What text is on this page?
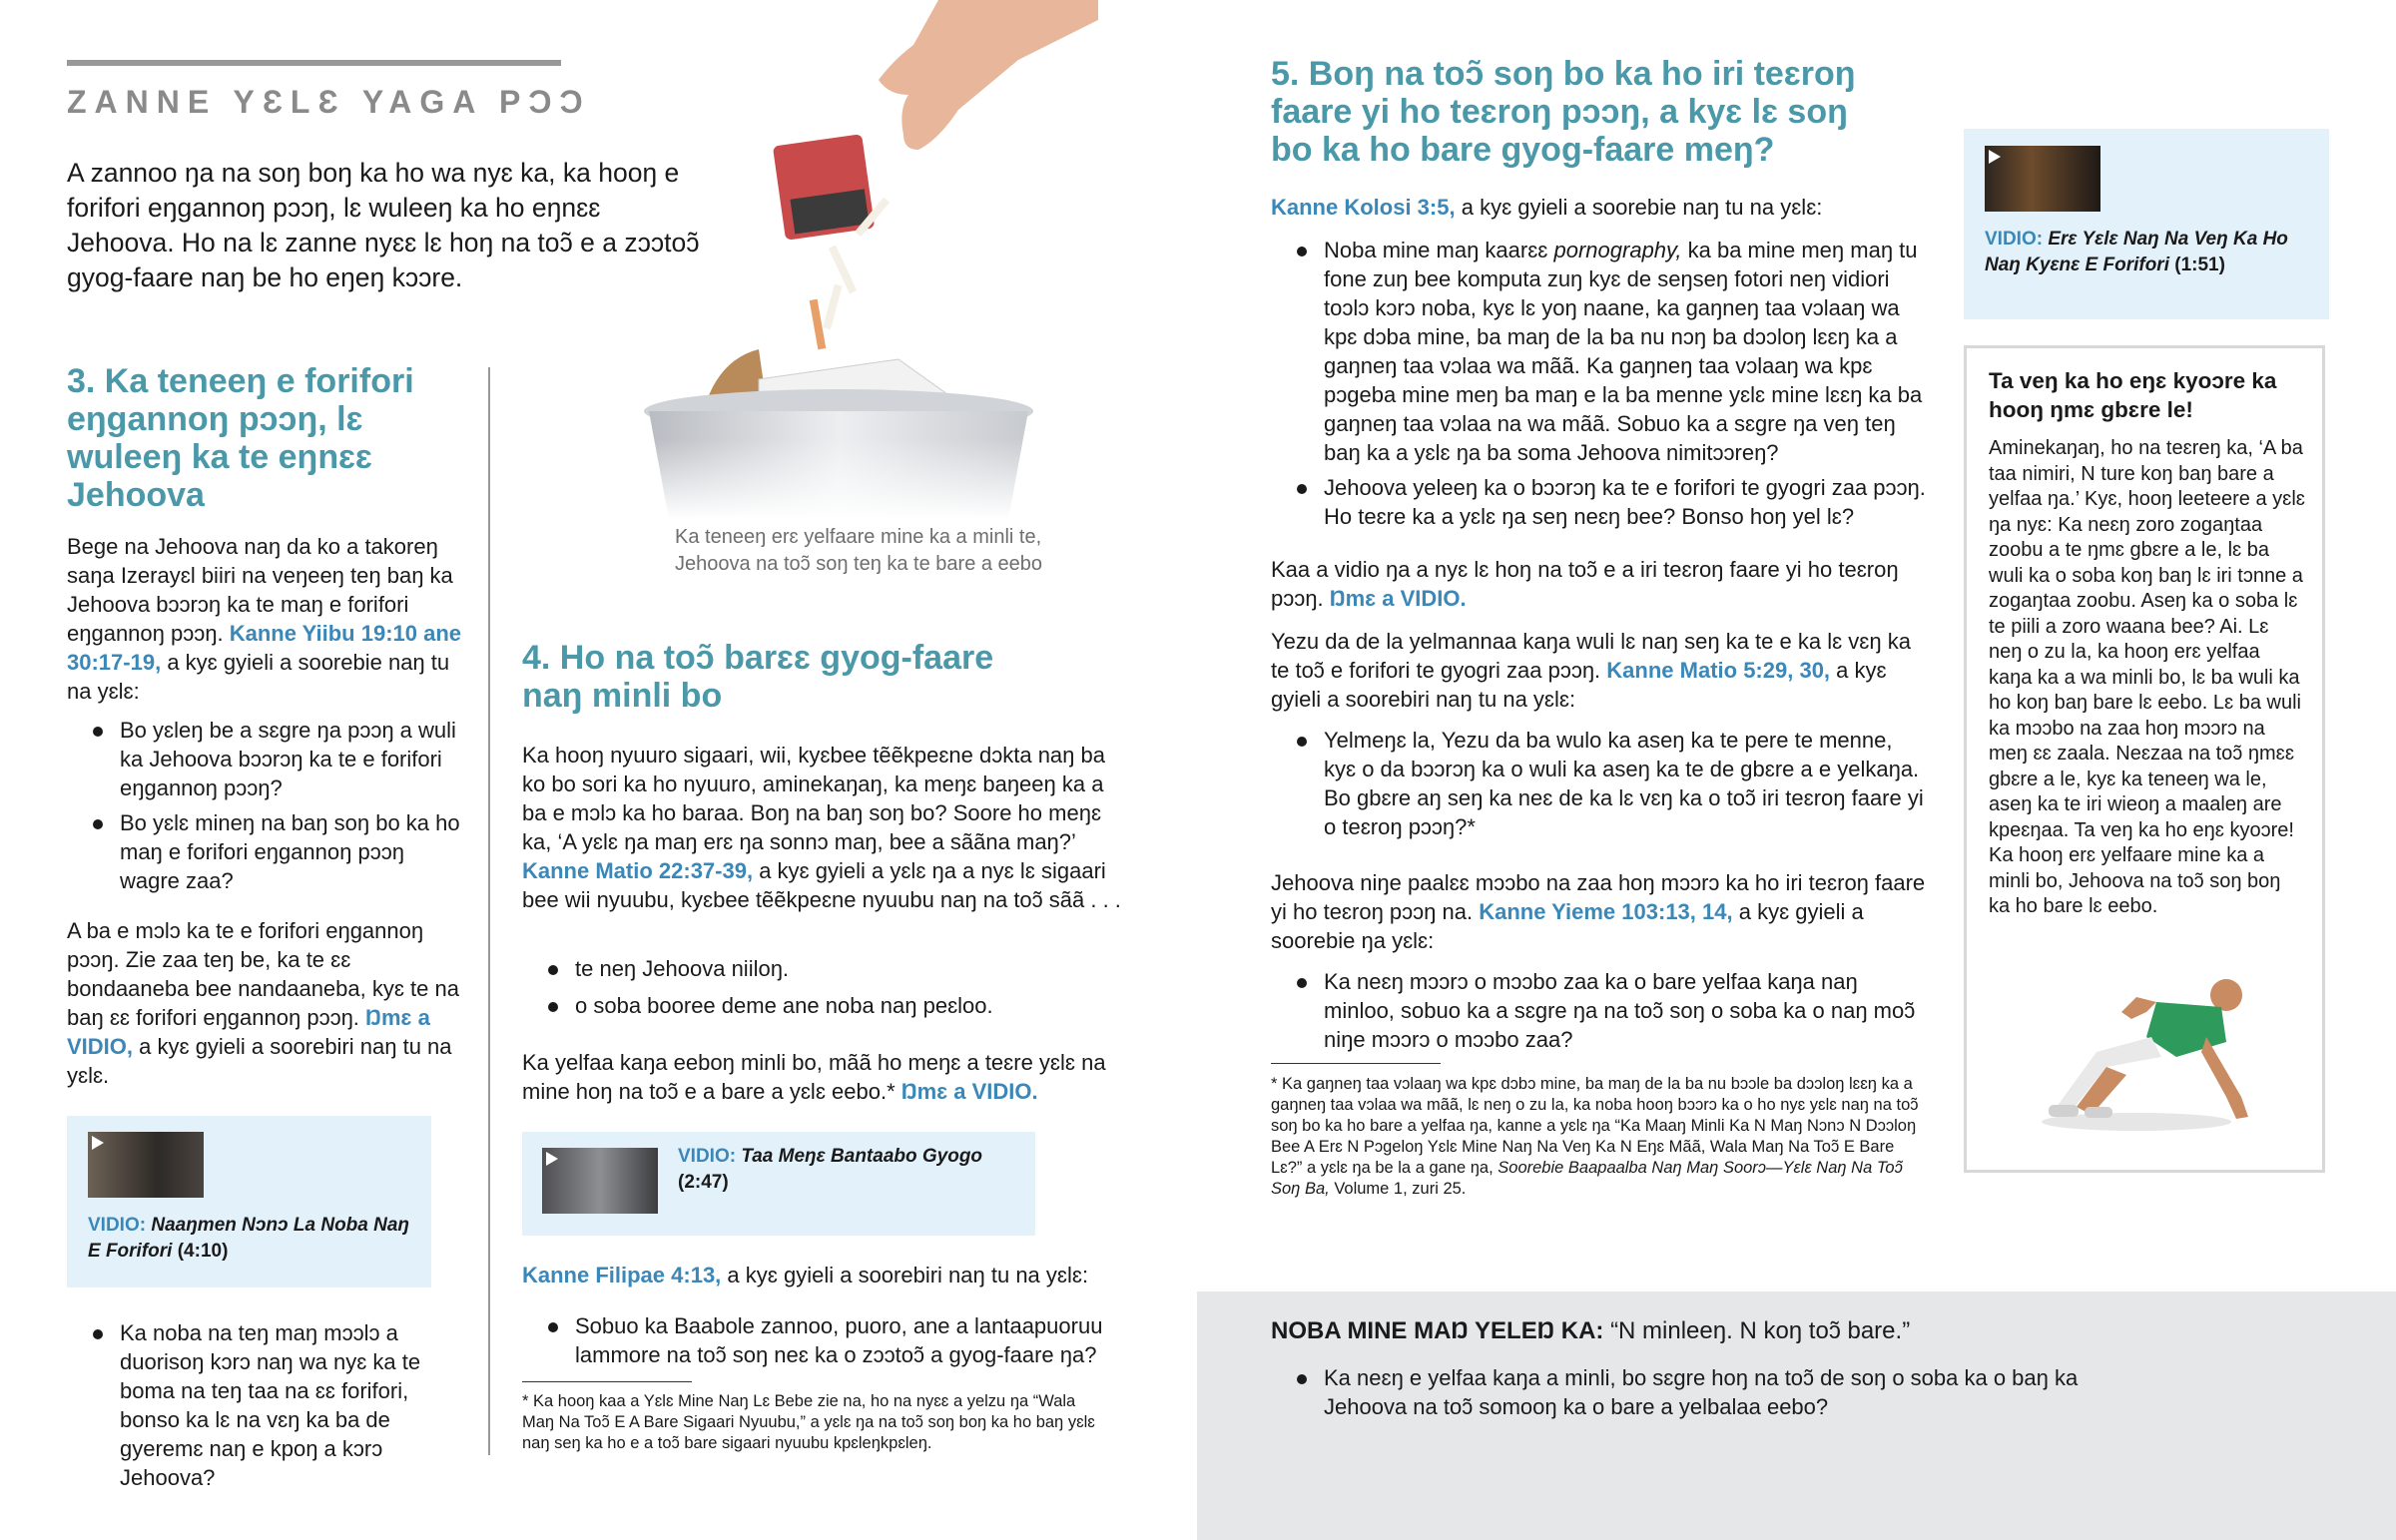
ZANNE YƐLƐ YAGA PƆƆ

A zannoo ŋa na soŋ boŋ ka ho wa nyɛ ka, ka hooŋ e forifori eŋgannoŋ pɔɔŋ, lɛ wuleeŋ ka ho eŋnɛɛ Jehoova. Ho na lɛ zanne nyɛɛ lɛ hoŋ na toɔ̃ e a zɔɔtoɔ̃ gyog-faare naŋ be ho eŋeŋ kɔɔre.

Ka teneeŋ erɛ yelfaare mine ka a minli te, Jehoova na toɔ̃ soŋ teŋ ka te bare a eebo

3. Ka teneeŋ e forifori eŋgannoŋ pɔɔŋ, lɛ wuleeŋ ka te eŋnɛɛ Jehoova

Bege na Jehoova naŋ da ko a takoreŋ saŋa Izerayɛl biiri na veŋeeŋ teŋ baŋ ka Jehoova bɔɔrɔŋ ka te maŋ e forifori eŋgannoŋ pɔɔŋ. Kanne Yiibu 19:10 ane 30:17-19, a kyɛ gyieli a soorebie naŋ tu na yɛlɛ:

Bo yɛleŋ be a sɛgre ŋa pɔɔŋ a wuli ka Jehoova bɔɔrɔŋ ka te e forifori eŋgannoŋ pɔɔŋ?
Bo yɛlɛ mineŋ na baŋ soŋ bo ka ho maŋ e forifori eŋgannoŋ pɔɔŋ wagre zaa?

A ba e mɔlɔ ka te e forifori eŋgannoŋ pɔɔŋ. Zie zaa teŋ be, ka te ɛɛ bondaaneba bee nandaaneba, kyɛ te na baŋ ɛɛ forifori eŋgannoŋ pɔɔŋ. Ŋmɛ a VIDIO, a kyɛ gyieli a soorebiri naŋ tu na yɛlɛ.

VIDIO: Naaŋmen Nɔnɔ La Noba Naŋ E Forifori (4:10)
Ka noba na teŋ maŋ mɔɔlɔ a duorisoŋ kɔrɔ naŋ wa nyɛ ka te boma na teŋ taa na ɛɛ forifori, bonso ka lɛ na vɛŋ ka ba de gyeremɛ naŋ e kpoŋ a kɔrɔ Jehoova?
4. Ho na toɔ̃ barɛɛ gyog-faare naŋ minli bo

Ka hooŋ nyuuro sigaari, wii, kyɛbee tẽẽkpeɛne dɔkta naŋ ba ko bo sori ka ho nyuuro, aminekaŋaŋ, ka meŋɛ baŋeeŋ ka a ba e mɔlɔ ka ho baraa. Boŋ na baŋ soŋ bo? Soore ho meŋɛ ka, ‘A yɛlɛ ŋa maŋ erɛ ŋa sonnɔ maŋ, bee a sããna maŋ?’ Kanne Matio 22:37-39, a kyɛ gyieli a yɛlɛ ŋa a nyɛ lɛ sigaari bee wii nyuubu, kyɛbee tẽẽkpeɛne nyuubu naŋ na toɔ̃ sãã . . .

te neŋ Jehoova niiloŋ.
o soba booree deme ane noba naŋ peɛloo.

Ka yelfaa kaŋa eeboŋ minli bo, mãã ho meŋɛ a teɛre yɛlɛ na mine hoŋ na toɔ̃ e a bare a yɛlɛ eebo.* Ŋmɛ a VIDIO.

VIDIO: Taa Meŋɛ Bantaabo Gyogo
(2:47)

Kanne Filipae 4:13, a kyɛ gyieli a soorebiri naŋ tu na yɛlɛ:

Sobuo ka Baabole zannoo, puoro, ane a lantaapuoruu lammore na toɔ̃ soŋ neɛ ka o zɔɔtoɔ̃ a gyog-faare ŋa?

* Ka hooŋ kaa a Yɛlɛ Mine Naŋ Lɛ Bebe zie na, ho na nyɛɛ a yelzu ŋa “Wala Maŋ Na Toɔ̃ E A Bare Sigaari Nyuubu,” a yɛlɛ ŋa na toɔ̃ soŋ boŋ ka ho baŋ yɛlɛ naŋ seŋ ka ho e a toɔ̃ bare sigaari nyuubu kpɛleŋkpɛleŋ.

5. Boŋ na toɔ̃ soŋ bo ka ho iri teɛroŋ faare yi ho teɛroŋ pɔɔŋ, a kyɛ lɛ soŋ bo ka ho bare gyog-faare meŋ?

Kanne Kolosi 3:5, a kyɛ gyieli a soorebie naŋ tu na yɛlɛ:

Noba mine maŋ kaarɛɛ pornography, ka ba mine meŋ maŋ tu fone zuŋ bee komputa zuŋ kyɛ de seŋseŋ fotori neŋ vidiori toɔlɔ kɔrɔ noba, kyɛ lɛ yoŋ naane, ka gaŋneŋ taa vɔlaaŋ wa kpɛ dɔba mine, ba maŋ de la ba nu nɔŋ ba dɔɔloŋ lɛɛŋ ka a gaŋneŋ taa vɔlaa wa mãã. Ka gaŋneŋ taa vɔlaaŋ wa kpɛ pɔgeba mine meŋ ba maŋ e la ba menne yɛlɛ mine lɛɛŋ ka ba gaŋneŋ taa vɔlaa na wa mãã. Sobuo ka a sɛgre ŋa veŋ teŋ baŋ ka a yɛlɛ ŋa ba soma Jehoova nimitɔɔreŋ?
Jehoova yeleeŋ ka o bɔɔrɔŋ ka te e forifori te gyogri zaa pɔɔŋ. Ho teɛre ka a yɛlɛ ŋa seŋ neɛŋ bee? Bonso hoŋ yel lɛ?

Kaa a vidio ŋa a nyɛ lɛ hoŋ na toɔ̃ e a iri teɛroŋ faare yi ho teɛroŋ pɔɔŋ. Ŋmɛ a VIDIO.

Yezu da de la yelmannaa kaŋa wuli lɛ naŋ seŋ ka te e ka lɛ vɛŋ ka te toɔ̃ e forifori te gyogri zaa pɔɔŋ. Kanne Matio 5:29, 30, a kyɛ gyieli a soorebiri naŋ tu na yɛlɛ:

Yelmeŋɛ la, Yezu da ba wulo ka aseŋ ka te pere te menne, kyɛ o da bɔɔrɔŋ ka o wuli ka aseŋ ka te de gbɛre a e yelkaŋa. Bo gbɛre aŋ seŋ ka neɛ de ka lɛ vɛŋ ka o toɔ̃ iri teɛroŋ faare yi o teɛroŋ pɔɔŋ?*

Jehoova niŋe paalɛɛ mɔɔbo na zaa hoŋ mɔɔrɔ ka ho iri teɛroŋ faare yi ho teɛroŋ pɔɔŋ na. Kanne Yieme 103:13, 14, a kyɛ gyieli a soorebie ŋa yɛlɛ:

Ka neɛŋ mɔɔrɔ o mɔɔbo zaa ka o bare yelfaa kaŋa naŋ minloo, sobuo ka a sɛgre ŋa na toɔ̃ soŋ o soba ka o naŋ moɔ̃ niŋe mɔɔrɔ o mɔɔbo zaa?

* Ka gaŋneŋ taa vɔlaaŋ wa kpɛ dɔbɔ mine, ba maŋ de la ba nu bɔɔle ba dɔɔloŋ lɛɛŋ ka a gaŋneŋ taa vɔlaa wa mãã, lɛ neŋ o zu la, ka noba hooŋ bɔɔrɔ ka o ho nyɛ yɛlɛ naŋ na toɔ̃ soŋ bo ka ho bare a yelfaa ŋa, kanne a yɛlɛ ŋa “Ka Maaŋ Minli Ka N Maŋ Nɔnɔ N Dɔɔloŋ Bee A Erɛ N Pɔgeloŋ Yɛlɛ Mine Naŋ Na Veŋ Ka N Eŋɛ Mãã, Wala Maŋ Na Toɔ̃ E Bare Lɛ?” a yɛlɛ ŋa be la a gane ŋa, Soorebie Baapaalba Naŋ Maŋ Soorɔ—Yɛlɛ Naŋ Na Toɔ̃ Soŋ Ba, Volume 1, zuri 25.

VIDIO: Erɛ Yɛlɛ Naŋ Na Veŋ Ka Ho Naŋ Kyɛnɛ E Forifori (1:51)
Ta veŋ ka ho eŋɛ kyoɔre ka hooŋ ŋmɛ gbɛre le!

Aminekaŋaŋ, ho na teɛreŋ ka, ‘A ba taa nimiri, N ture koŋ baŋ bare a yelfaa ŋa.’ Kyɛ, hooŋ leeteere a yɛlɛ ŋa nyɛ: Ka neɛŋ zoro zogaŋtaa zoobu a te ŋmɛ gbɛre a le, lɛ ba wuli ka o soba koŋ baŋ lɛ iri tɔnne a zogaŋtaa zoobu. Aseŋ ka o soba lɛ te piili a zoro waana bee? Ai. Lɛ neŋ o zu la, ka hooŋ erɛ yelfaa kaŋa ka a wa minli bo, lɛ ba wuli ka ho koŋ baŋ bare lɛ eebo. Lɛ ba wuli ka mɔɔbo na zaa hoŋ mɔɔrɔ na meŋ ɛɛ zaala. Neɛzaa na toɔ̃ ŋmɛɛ gbɛre a le, kyɛ ka teneeŋ wa le, aseŋ ka te iri wieoŋ a maaleŋ are kpeɛŋaa. Ta veŋ ka ho eŋɛ kyoɔre! Ka hooŋ erɛ yelfaare mine ka a minli bo, Jehoova na toɔ̃ soŋ boŋ ka ho bare lɛ eebo.

NOBA MINE MAŊ YELEŊ KA: “N minleeŋ. N koŋ toɔ̃ bare.”
Ka neɛŋ e yelfaa kaŋa a minli, bo sɛgre hoŋ na toɔ̃ de soŋ o soba ka o baŋ ka Jehoova na toɔ̃ somooŋ ka o bare a yelbalaa eebo?
